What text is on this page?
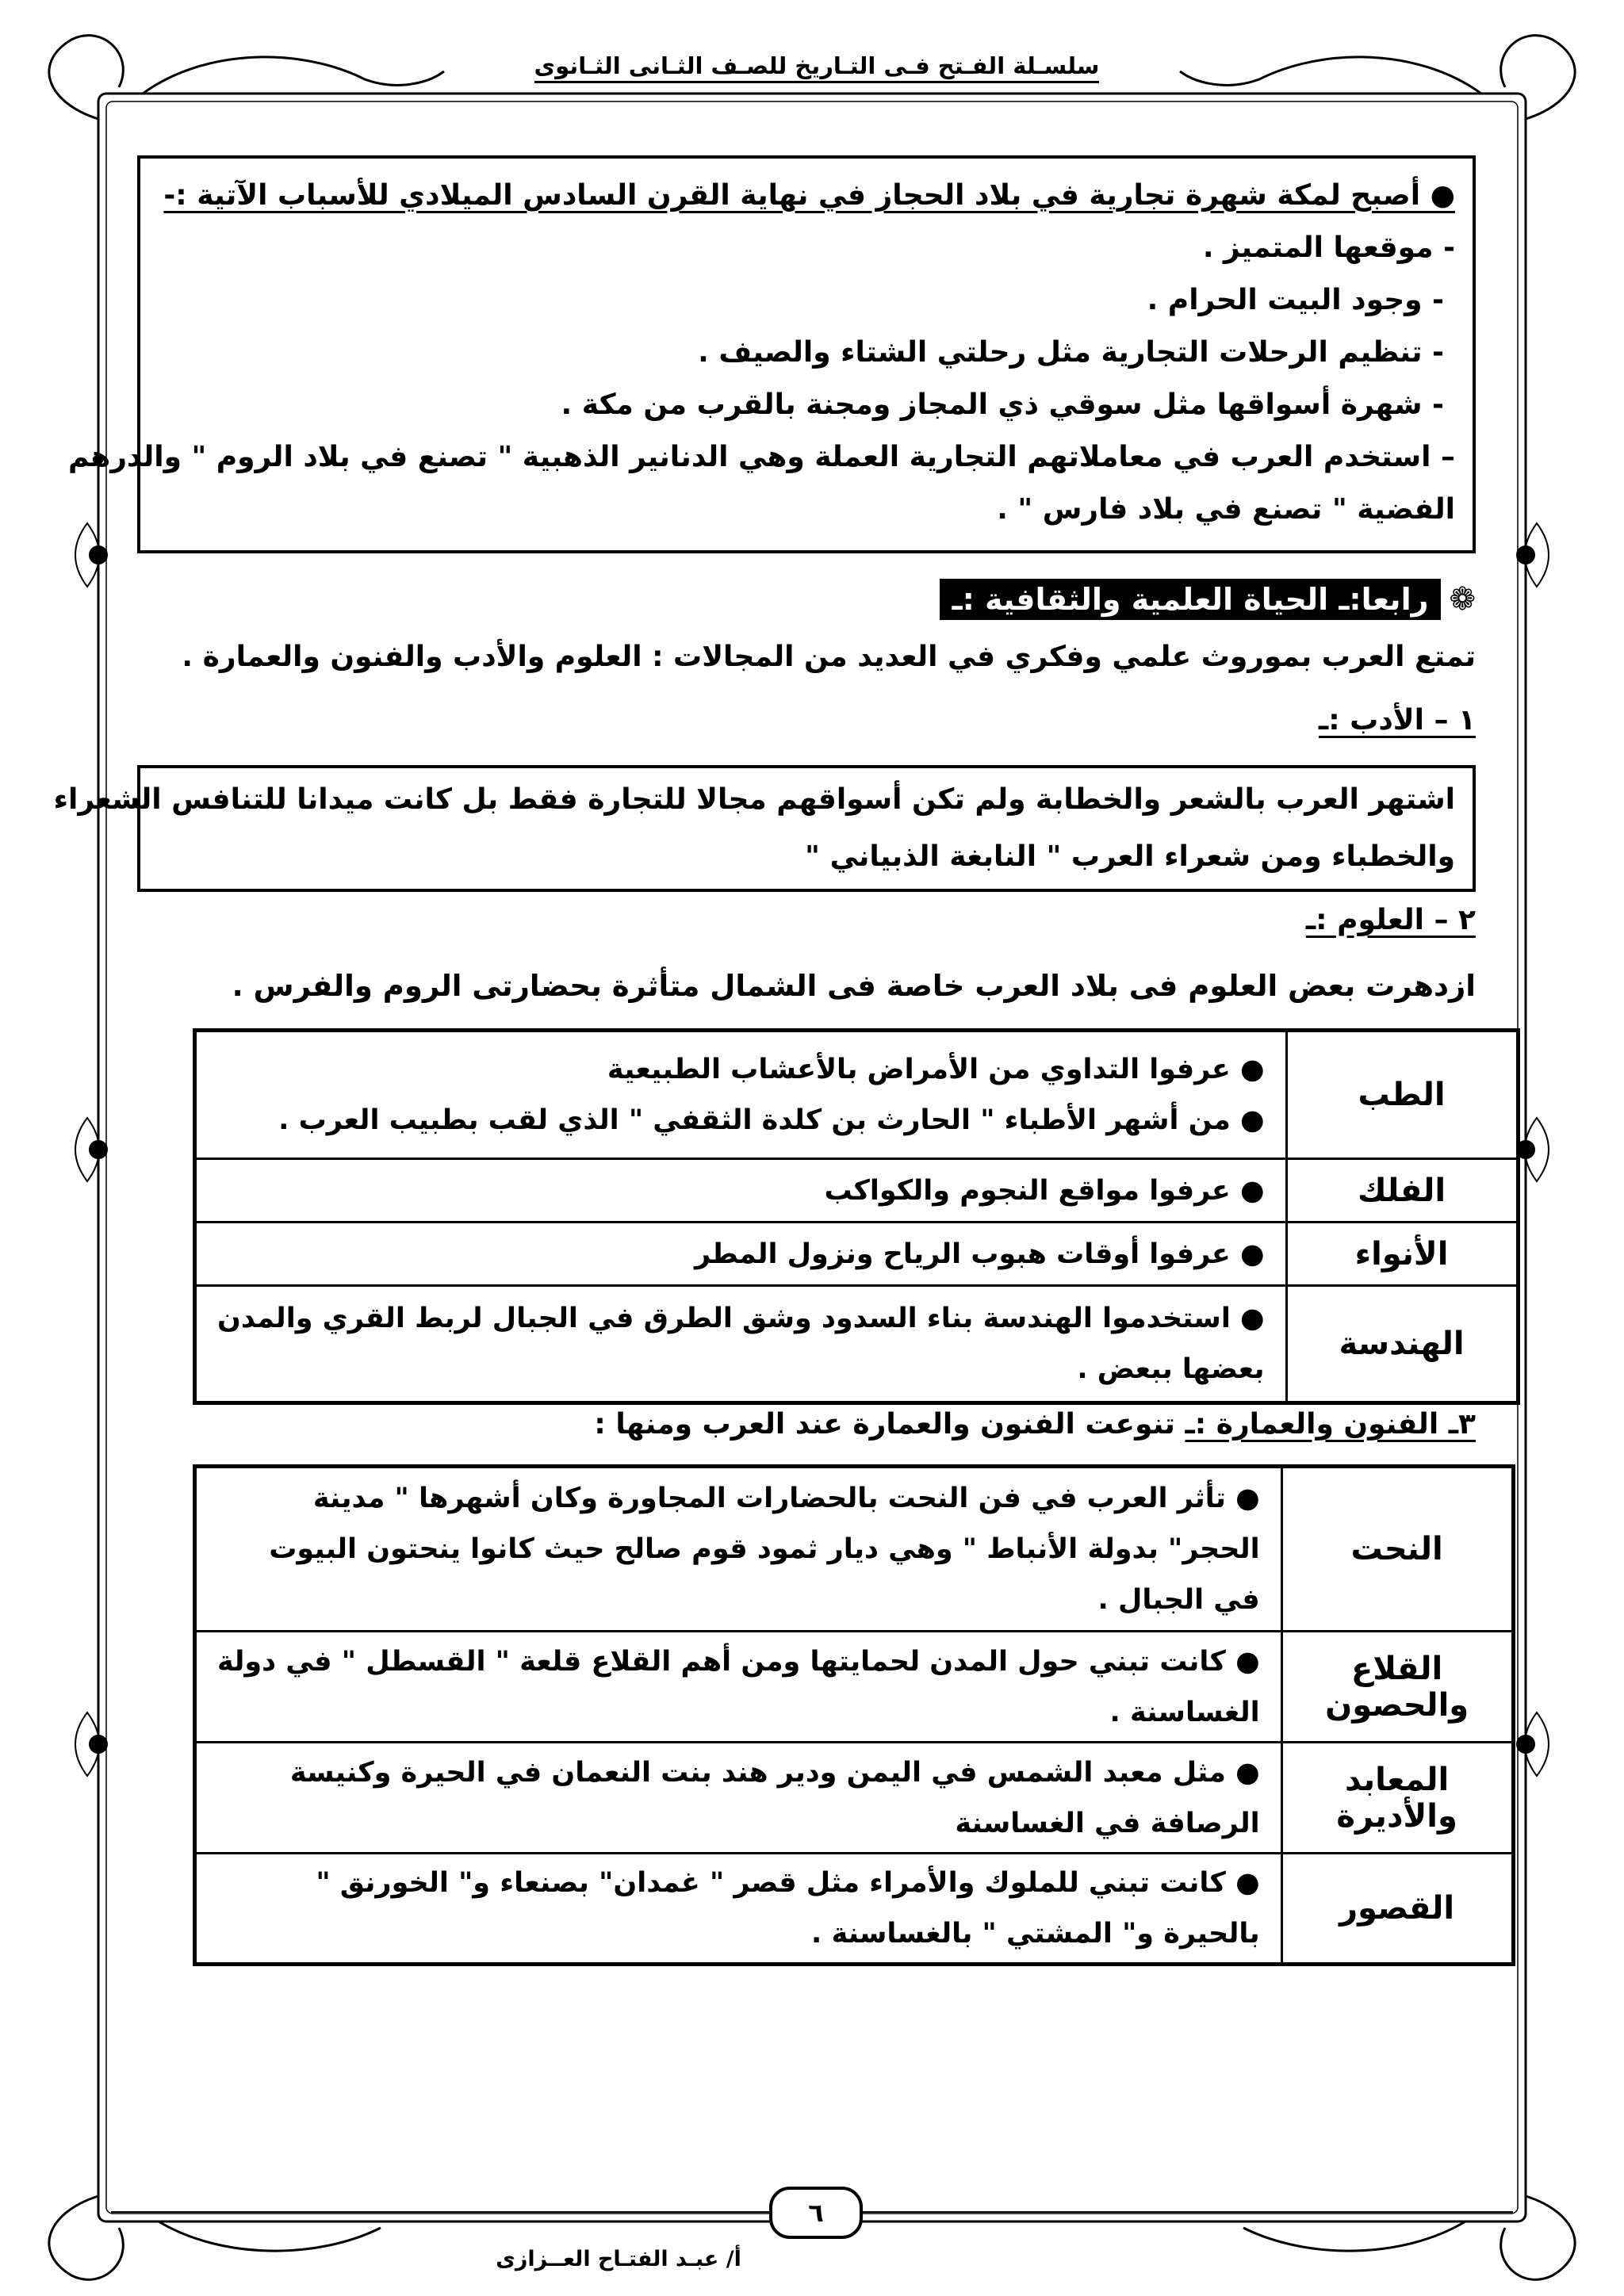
سلسـلة الفـتح فـى التـاريخ للصـف الثـانى الثـانوى
● أصبح لمكة شهرة تجارية في بلاد الحجاز في نهاية القرن السادس الميلادي للأسباب الآتية :-
- موقعها المتميز .
- وجود البيت الحرام .
- تنظيم الرحلات التجارية مثل رحلتي الشتاء والصيف .
- شهرة أسواقها مثل سوقي ذي المجاز ومجنة بالقرب من مكة .
– استخدم العرب في معاملاتهم التجارية العملة وهي الدنانير الذهبية " تصنع في بلاد الروم " والدرهم
الفضية " تصنع في بلاد فارس " .
❁
رابعا:ـ الحياة العلمية والثقافية :ـ
تمتع العرب بموروث علمي وفكري في العديد من المجالات : العلوم والأدب والفنون والعمارة .
١ – الأدب :ـ
اشتهر العرب بالشعر والخطابة ولم تكن أسواقهم مجالا للتجارة فقط بل كانت ميدانا للتنافس الشعراء
والخطباء ومن شعراء العرب " النابغة الذبياني "
٢ – العلوم :ـ
ازدهرت بعض العلوم فى بلاد العرب خاصة فى الشمال متأثرة بحضارتى الروم والفرس .
الطب	● عرفوا التداوي من الأمراض بالأعشاب الطبيعية
● من أشهر الأطباء " الحارث بن كلدة الثقفي " الذي لقب بطبيب العرب .

الفلك	● عرفوا مواقع النجوم والكواكب

الأنواء	● عرفوا أوقات هبوب الرياح ونزول المطر

الهندسة	● استخدموا الهندسة بناء السدود وشق الطرق في الجبال لربط القري والمدن
بعضها ببعض .
٣ـ الفنون والعمارة :ـ تنوعت الفنون والعمارة عند العرب ومنها :
النحت	● تأثر العرب في فن النحت بالحضارات المجاورة وكان أشهرها " مدينة
الحجر" بدولة الأنباط " وهي ديار ثمود قوم صالح حيث كانوا ينحتون البيوت
في الجبال .

القلاع والحصون	● كانت تبني حول المدن لحمايتها ومن أهم القلاع قلعة " القسطل " في دولة
الغساسنة .

المعابد والأديرة	● مثل معبد الشمس في اليمن ودير هند بنت النعمان في الحيرة وكنيسة
الرصافة في الغساسنة

القصور	● كانت تبني للملوك والأمراء مثل قصر " غمدان" بصنعاء و" الخورنق "
بالحيرة و" المشتي " بالغساسنة .
٦
أ/ عبـد الفتـاح العــزازى
